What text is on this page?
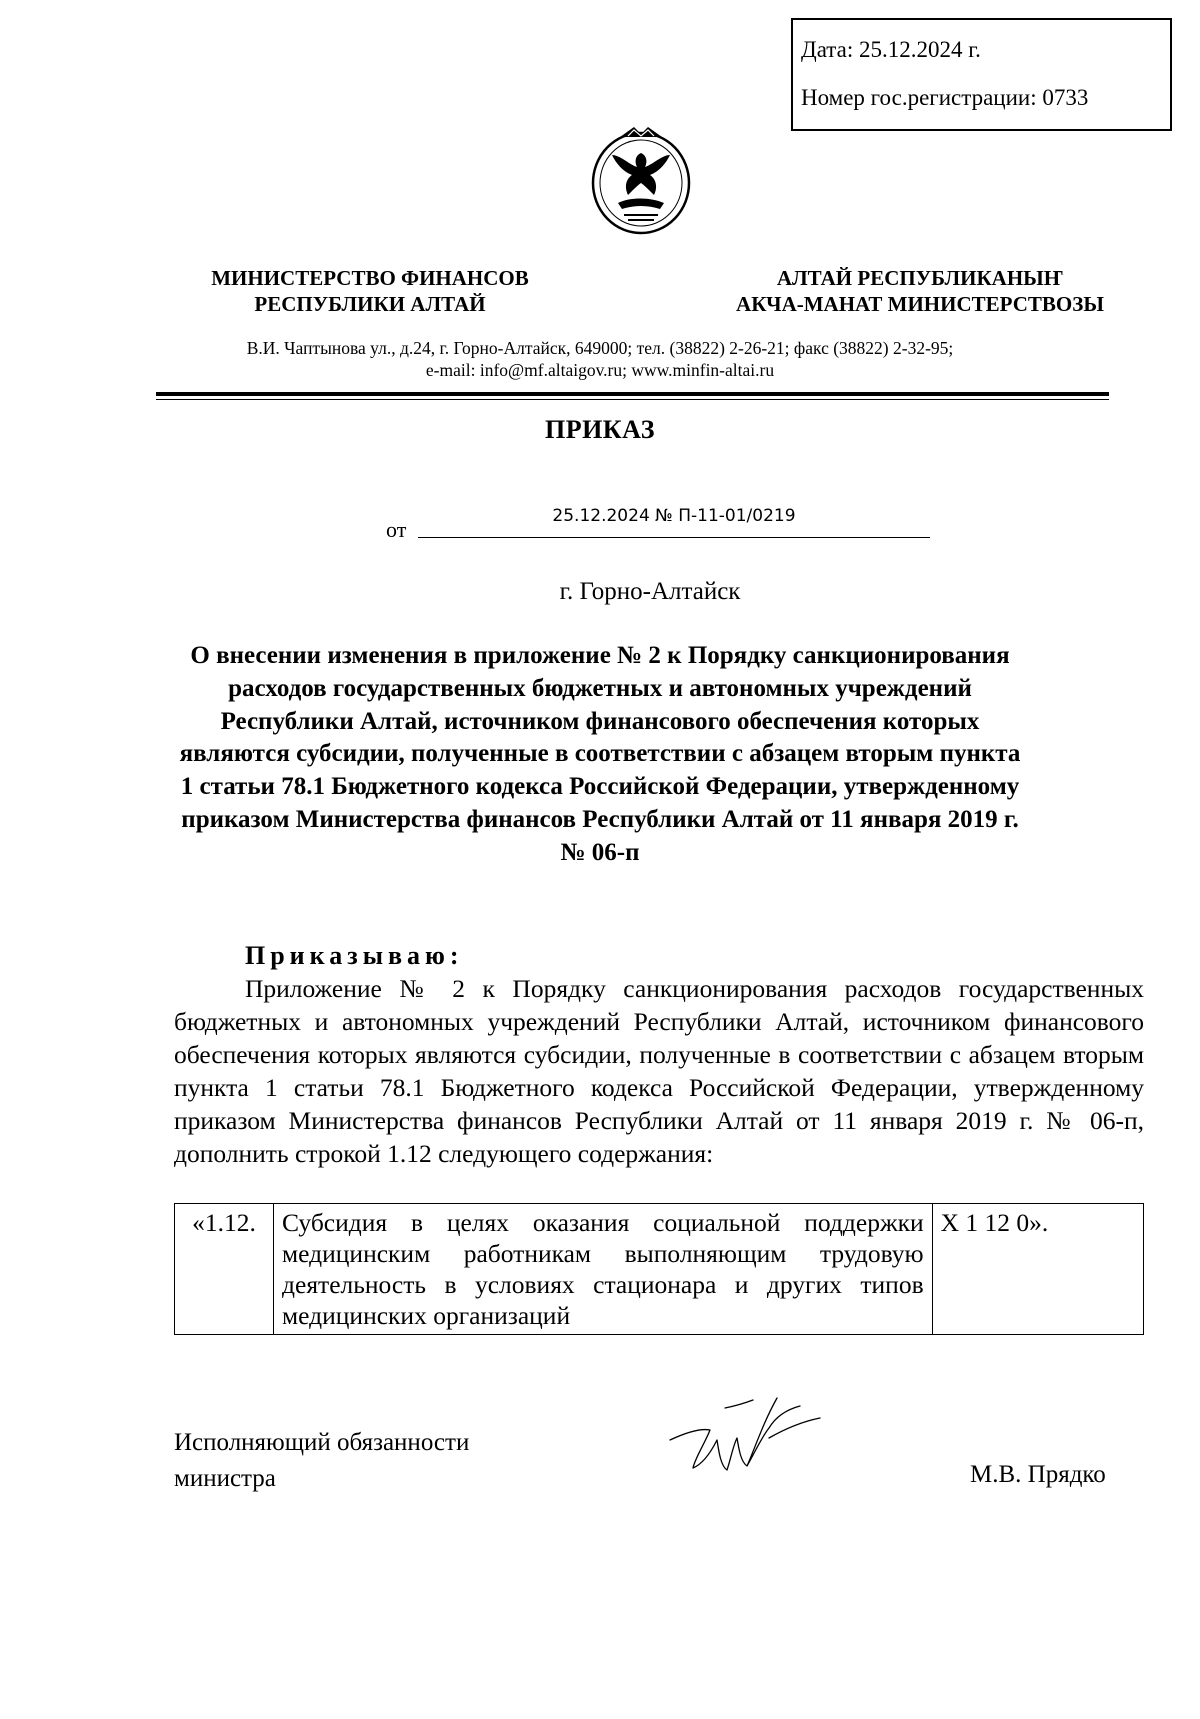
Дата: 25.12.2024 г.
Номер гос.регистрации: 0733
МИНИСТЕРСТВО ФИНАНСОВ
РЕСПУБЛИКИ АЛТАЙ
АЛТАЙ РЕСПУБЛИКАНЫҤ
АКЧА-МАНАТ МИНИСТЕРСТВОЗЫ
В.И. Чаптынова ул., д.24, г. Горно-Алтайск, 649000; тел. (38822) 2-26-21; факс (38822) 2-32-95;
e-mail: info@mf.altaigov.ru; www.minfin-altai.ru
ПРИКАЗ
от
25.12.2024 № П-11-01/0219
г. Горно-Алтайск
О внесении изменения в приложение № 2 к Порядку санкционирования
расходов государственных бюджетных и автономных учреждений
Республики Алтай, источником финансового обеспечения которых
являются субсидии, полученные в соответствии с абзацем вторым пункта
1 статьи 78.1 Бюджетного кодекса Российской Федерации, утвержденному
приказом Министерства финансов Республики Алтай от 11 января 2019 г.
№ 06-п
Приказываю:
Приложение № 2 к Порядку санкционирования расходов государственных бюджетных и автономных учреждений Республики Алтай, источником финансового обеспечения которых являются субсидии, полученные в соответствии с абзацем вторым пункта 1 статьи 78.1 Бюджетного кодекса Российской Федерации, утвержденному приказом Министерства финансов Республики Алтай от 11 января 2019 г. № 06-п, дополнить строкой 1.12 следующего содержания:
«1.12.	Субсидия в целях оказания социальной поддержки медицинским работникам выполняющим трудовую деятельность в условиях стационара и других типов медицинских организаций	Х 1 12 0».
Исполняющий обязанности
министра	М.В. Прядко
